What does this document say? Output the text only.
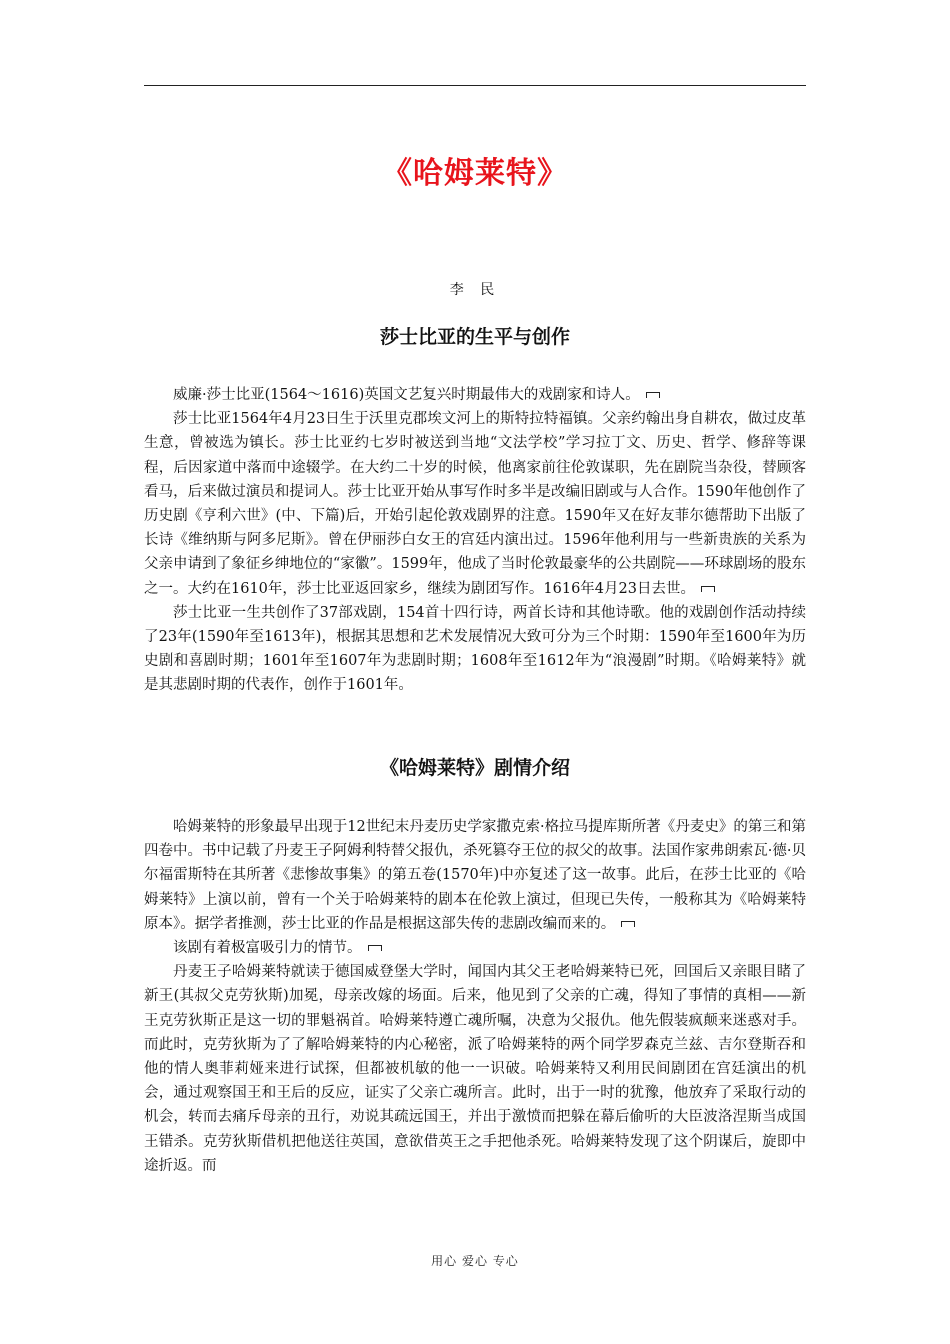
《哈姆莱特》
李 民
莎士比亚的生平与创作

威廉·莎士比亚(1564～1616)英国文艺复兴时期最伟大的戏剧家和诗人。

莎士比亚1564年4月23日生于沃里克郡埃文河上的斯特拉特福镇。父亲约翰出身自耕农，做过皮革生意，曾被选为镇长。莎士比亚约七岁时被送到当地“文法学校”学习拉丁文、历史、哲学、修辞等课程，后因家道中落而中途辍学。在大约二十岁的时候，他离家前往伦敦谋职，先在剧院当杂役，替顾客看马，后来做过演员和提词人。莎士比亚开始从事写作时多半是改编旧剧或与人合作。1590年他创作了历史剧《亨利六世》(中、下篇)后，开始引起伦敦戏剧界的注意。1590年又在好友菲尔德帮助下出版了长诗《维纳斯与阿多尼斯》。曾在伊丽莎白女王的宫廷内演出过。1596年他利用与一些新贵族的关系为父亲申请到了象征乡绅地位的“家徽”。1599年，他成了当时伦敦最豪华的公共剧院——环球剧场的股东之一。大约在1610年，莎士比亚返回家乡，继续为剧团写作。1616年4月23日去世。

莎士比亚一生共创作了37部戏剧，154首十四行诗，两首长诗和其他诗歌。他的戏剧创作活动持续了23年(1590年至1613年)，根据其思想和艺术发展情况大致可分为三个时期：1590年至1600年为历史剧和喜剧时期；1601年至1607年为悲剧时期；1608年至1612年为“浪漫剧”时期。《哈姆莱特》就是其悲剧时期的代表作，创作于1601年。

《哈姆莱特》剧情介绍

哈姆莱特的形象最早出现于12世纪末丹麦历史学家撒克索·格拉马提库斯所著《丹麦史》的第三和第四卷中。书中记载了丹麦王子阿姆利特替父报仇，杀死篡夺王位的叔父的故事。法国作家弗朗索瓦·德·贝尔福雷斯特在其所著《悲惨故事集》的第五卷(1570年)中亦复述了这一故事。此后，在莎士比亚的《哈姆莱特》上演以前，曾有一个关于哈姆莱特的剧本在伦敦上演过，但现已失传，一般称其为《哈姆莱特原本》。据学者推测，莎士比亚的作品是根据这部失传的悲剧改编而来的。

该剧有着极富吸引力的情节。

丹麦王子哈姆莱特就读于德国威登堡大学时，闻国内其父王老哈姆莱特已死，回国后又亲眼目睹了新王(其叔父克劳狄斯)加冕，母亲改嫁的场面。后来，他见到了父亲的亡魂，得知了事情的真相——新王克劳狄斯正是这一切的罪魁祸首。哈姆莱特遵亡魂所嘱，决意为父报仇。他先假装疯颠来迷惑对手。而此时，克劳狄斯为了了解哈姆莱特的内心秘密，派了哈姆莱特的两个同学罗森克兰兹、吉尔登斯吞和他的情人奥菲莉娅来进行试探，但都被机敏的他一一识破。哈姆莱特又利用民间剧团在宫廷演出的机会，通过观察国王和王后的反应，证实了父亲亡魂所言。此时，出于一时的犹豫，他放弃了采取行动的机会，转而去痛斥母亲的丑行，劝说其疏远国王，并出于激愤而把躲在幕后偷听的大臣波洛涅斯当成国王错杀。克劳狄斯借机把他送往英国，意欲借英王之手把他杀死。哈姆莱特发现了这个阴谋后，旋即中途折返。而

用心 爱心 专心
